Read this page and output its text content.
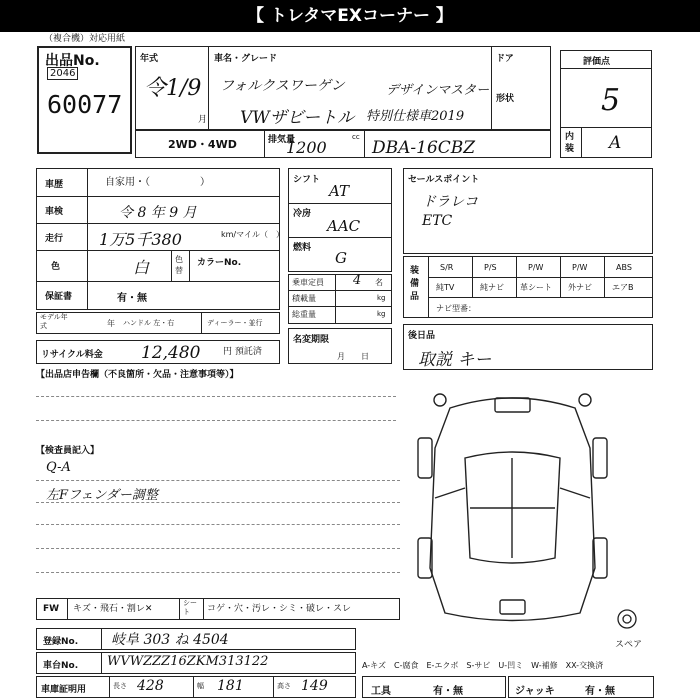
【 トレタマEXコーナー 】
（複合機）対応用紙
出品No.
2046
60077
年式
令1/9
月
車名・グレード
フォルクスワーゲン	デザインマスター
VWザビートル 特別仕様車2019
ドア
形状
2WD・4WD	排気量	cc
1200	DBA-16CBZ
評価点
5
内装 A
車歴	自家用・（　　　　　）
車検	令 8 年 9 月
走行 1万5千380	km/マイル（　）
色	白	色替
カラーNo.
保証書	有・無
モデル年式	年 ハンドル 左・右	ディーラー・並行
リサイクル料金 12,480	円 預託済
シフト
AT
冷房
AAC
燃料
G
乗車定員 4 名
積載量	kg
総重量	kg
名変期限
月　　日
セールスポイント
ドラレコ
ETC
装備品
S/R	P/S	P/W	P/W	ABS
純TV	純ナビ 革シート 外ナビ	エアB
ナビ型番：
後日品
取説 キー
【出品店申告欄（不良箇所・欠品・注意事項等）】
【検査員記入】
Q-A
左Fフェンダー調整
スペア
FW キズ・飛石・割レ✕
シート	コゲ・穴・汚レ・シミ・破レ・スレ
登録No. 岐阜 303 ね 4504
車台No. WVWZZZ16ZKM313122	A-キズ　C-腐食　E-エクボ　S-サビ　U-凹ミ　W-補修　XX-交換済
車庫証明用	長さ 428	幅 181	高さ 149	工具	有・無	ジャッキ	有・無
